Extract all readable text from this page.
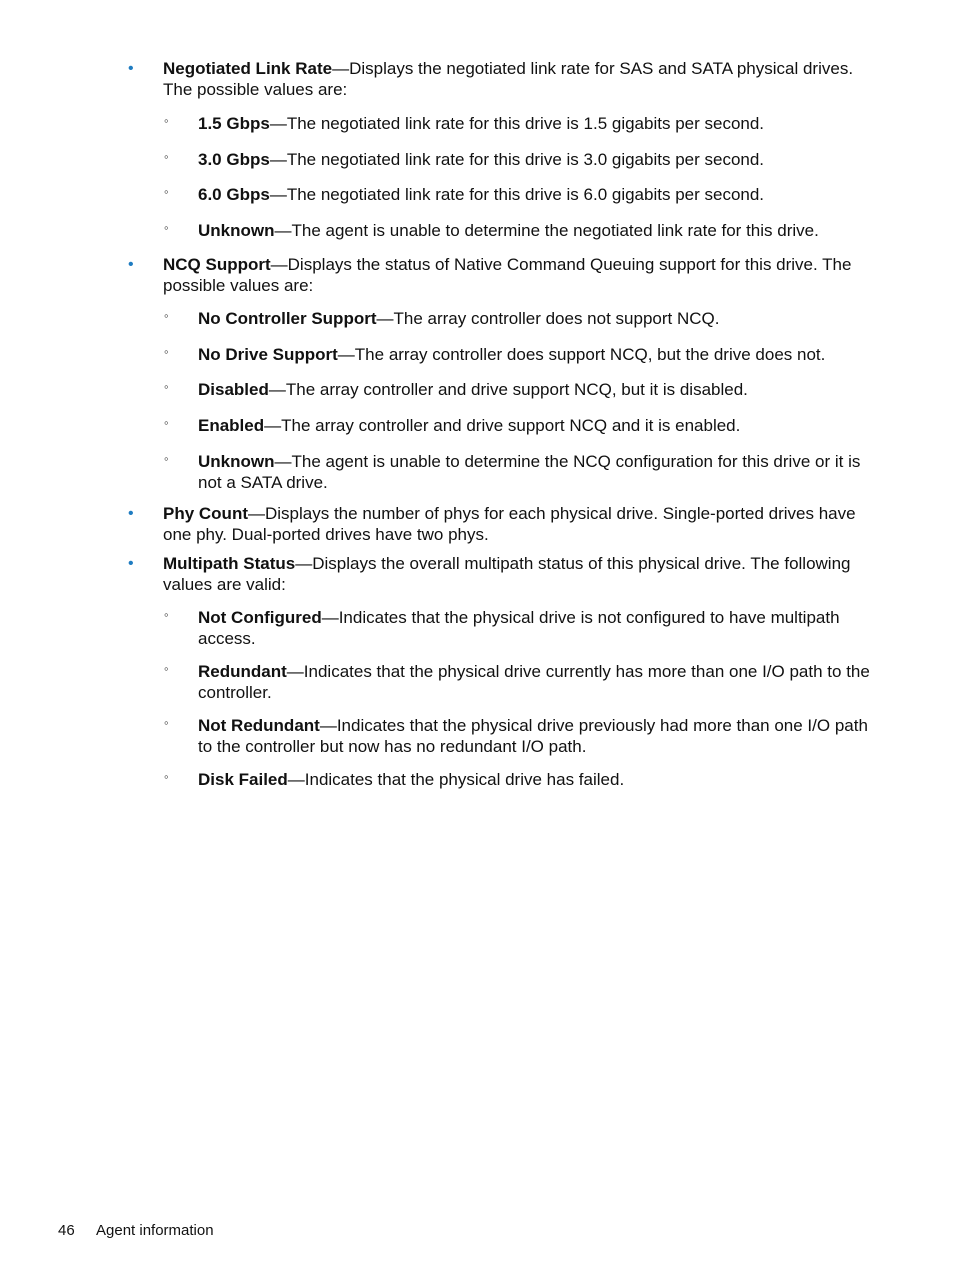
• Negotiated Link Rate—Displays the negotiated link rate for SAS and SATA physical drives. The possible values are:
◦ 1.5 Gbps—The negotiated link rate for this drive is 1.5 gigabits per second.
◦ 3.0 Gbps—The negotiated link rate for this drive is 3.0 gigabits per second.
◦ 6.0 Gbps—The negotiated link rate for this drive is 6.0 gigabits per second.
◦ Unknown—The agent is unable to determine the negotiated link rate for this drive.
• NCQ Support—Displays the status of Native Command Queuing support for this drive. The possible values are:
◦ No Controller Support—The array controller does not support NCQ.
◦ No Drive Support—The array controller does support NCQ, but the drive does not.
◦ Disabled—The array controller and drive support NCQ, but it is disabled.
◦ Enabled—The array controller and drive support NCQ and it is enabled.
◦ Unknown—The agent is unable to determine the NCQ configuration for this drive or it is not a SATA drive.
• Phy Count—Displays the number of phys for each physical drive. Single-ported drives have one phy. Dual-ported drives have two phys.
• Multipath Status—Displays the overall multipath status of this physical drive. The following values are valid:
◦ Not Configured—Indicates that the physical drive is not configured to have multipath access.
◦ Redundant—Indicates that the physical drive currently has more than one I/O path to the controller.
◦ Not Redundant—Indicates that the physical drive previously had more than one I/O path to the controller but now has no redundant I/O path.
◦ Disk Failed—Indicates that the physical drive has failed.
46 Agent information
